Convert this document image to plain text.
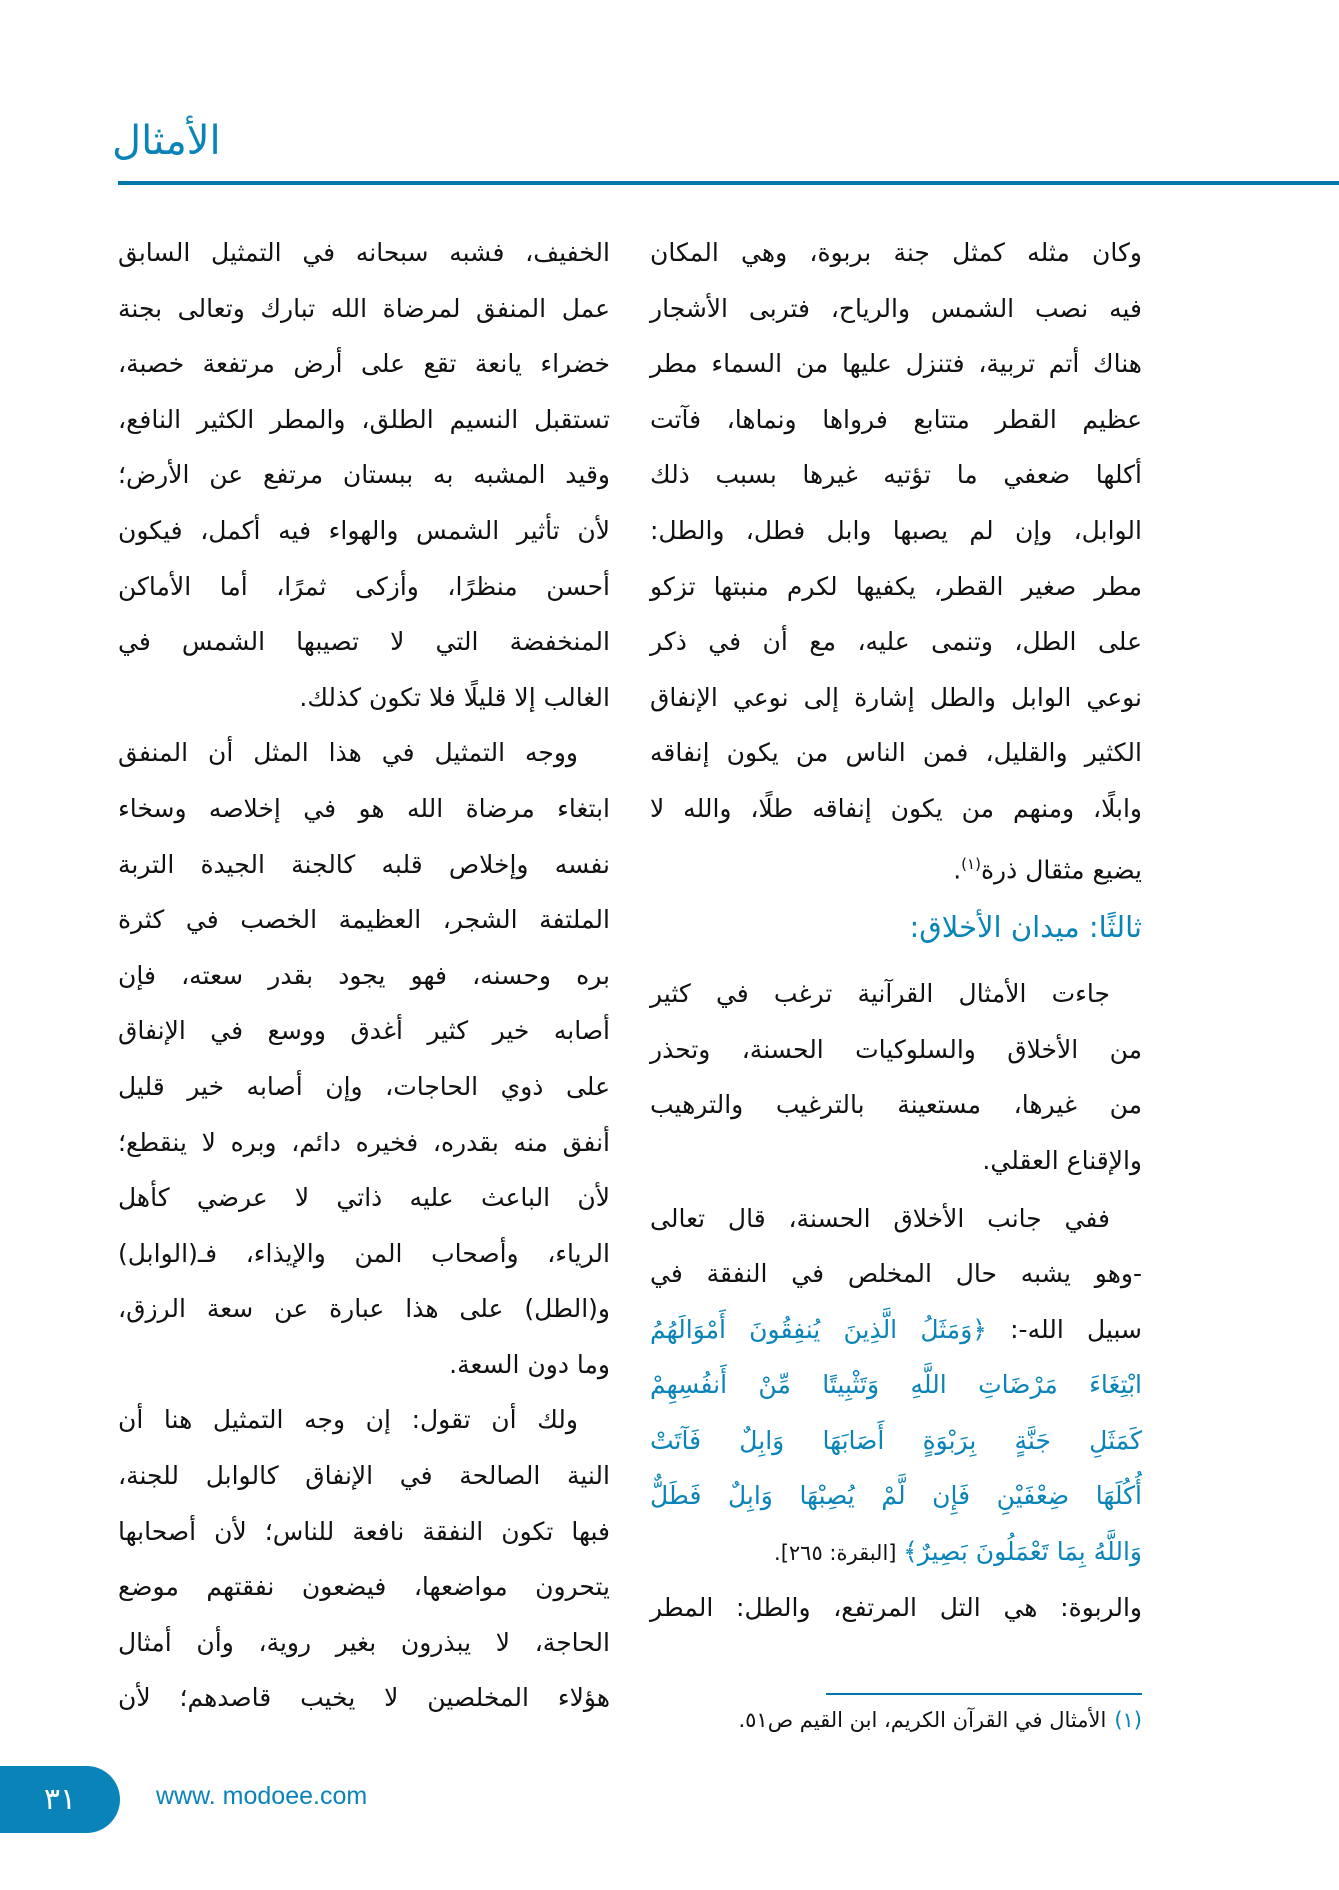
الأمثال
وكان مثله كمثل جنة بربوة، وهي المكان
فيه نصب الشمس والرياح، فتربى الأشجار
هناك أتم تربية، فتنزل عليها من السماء مطر
عظيم القطر متتابع فرواها ونماها، فآتت
أكلها ضعفي ما تؤتيه غيرها بسبب ذلك
الوابل، وإن لم يصبها وابل فطل، والطل:
مطر صغير القطر، يكفيها لكرم منبتها تزكو
على الطل، وتنمى عليه، مع أن في ذكر
نوعي الوابل والطل إشارة إلى نوعي الإنفاق
الكثير والقليل، فمن الناس من يكون إنفاقه
وابلًا، ومنهم من يكون إنفاقه طلًا، والله لا
يضيع مثقال ذرة$^{(١)}$.
ثالثًا: ميدان الأخلاق:
جاءت الأمثال القرآنية ترغب في كثير
من الأخلاق والسلوكيات الحسنة، وتحذر
من غيرها، مستعينة بالترغيب والترهيب
والإقناع العقلي.
ففي جانب الأخلاق الحسنة، قال تعالى
-وهو يشبه حال المخلص في النفقة في
سبيل الله-: ﴿وَمَثَلُ الَّذِينَ يُنفِقُونَ أَمْوَالَهُمُ
ابْتِغَاءَ مَرْضَاتِ اللَّهِ وَتَثْبِيتًا مِّنْ أَنفُسِهِمْ
كَمَثَلِ جَنَّةٍ بِرَبْوَةٍ أَصَابَهَا وَابِلٌ فَآتَتْ
أُكُلَهَا ضِعْفَيْنِ فَإِن لَّمْ يُصِبْهَا وَابِلٌ فَطَلٌّ
وَاللَّهُ بِمَا تَعْمَلُونَ بَصِيرٌ﴾ [البقرة: ٢٦٥].
والربوة: هي التل المرتفع، والطل: المطر
الخفيف، فشبه سبحانه في التمثيل السابق
عمل المنفق لمرضاة الله تبارك وتعالى بجنة
خضراء يانعة تقع على أرض مرتفعة خصبة،
تستقبل النسيم الطلق، والمطر الكثير النافع،
وقيد المشبه به ببستان مرتفع عن الأرض؛
لأن تأثير الشمس والهواء فيه أكمل، فيكون
أحسن منظرًا، وأزكى ثمرًا، أما الأماكن
المنخفضة التي لا تصيبها الشمس في
الغالب إلا قليلًا فلا تكون كذلك.
ووجه التمثيل في هذا المثل أن المنفق
ابتغاء مرضاة الله هو في إخلاصه وسخاء
نفسه وإخلاص قلبه كالجنة الجيدة التربة
الملتفة الشجر، العظيمة الخصب في كثرة
بره وحسنه، فهو يجود بقدر سعته، فإن
أصابه خير كثير أغدق ووسع في الإنفاق
على ذوي الحاجات، وإن أصابه خير قليل
أنفق منه بقدره، فخيره دائم، وبره لا ينقطع؛
لأن الباعث عليه ذاتي لا عرضي كأهل
الرياء، وأصحاب المن والإيذاء، فـ(الوابل)
و(الطل) على هذا عبارة عن سعة الرزق،
وما دون السعة.
ولك أن تقول: إن وجه التمثيل هنا أن
النية الصالحة في الإنفاق كالوابل للجنة،
فبها تكون النفقة نافعة للناس؛ لأن أصحابها
يتحرون مواضعها، فيضعون نفقتهم موضع
الحاجة، لا يبذرون بغير روية، وأن أمثال
هؤلاء المخلصين لا يخيب قاصدهم؛ لأن
(١)الأمثال في القرآن الكريم، ابن القيم ص٥١.
٣١	www. modoee.com
